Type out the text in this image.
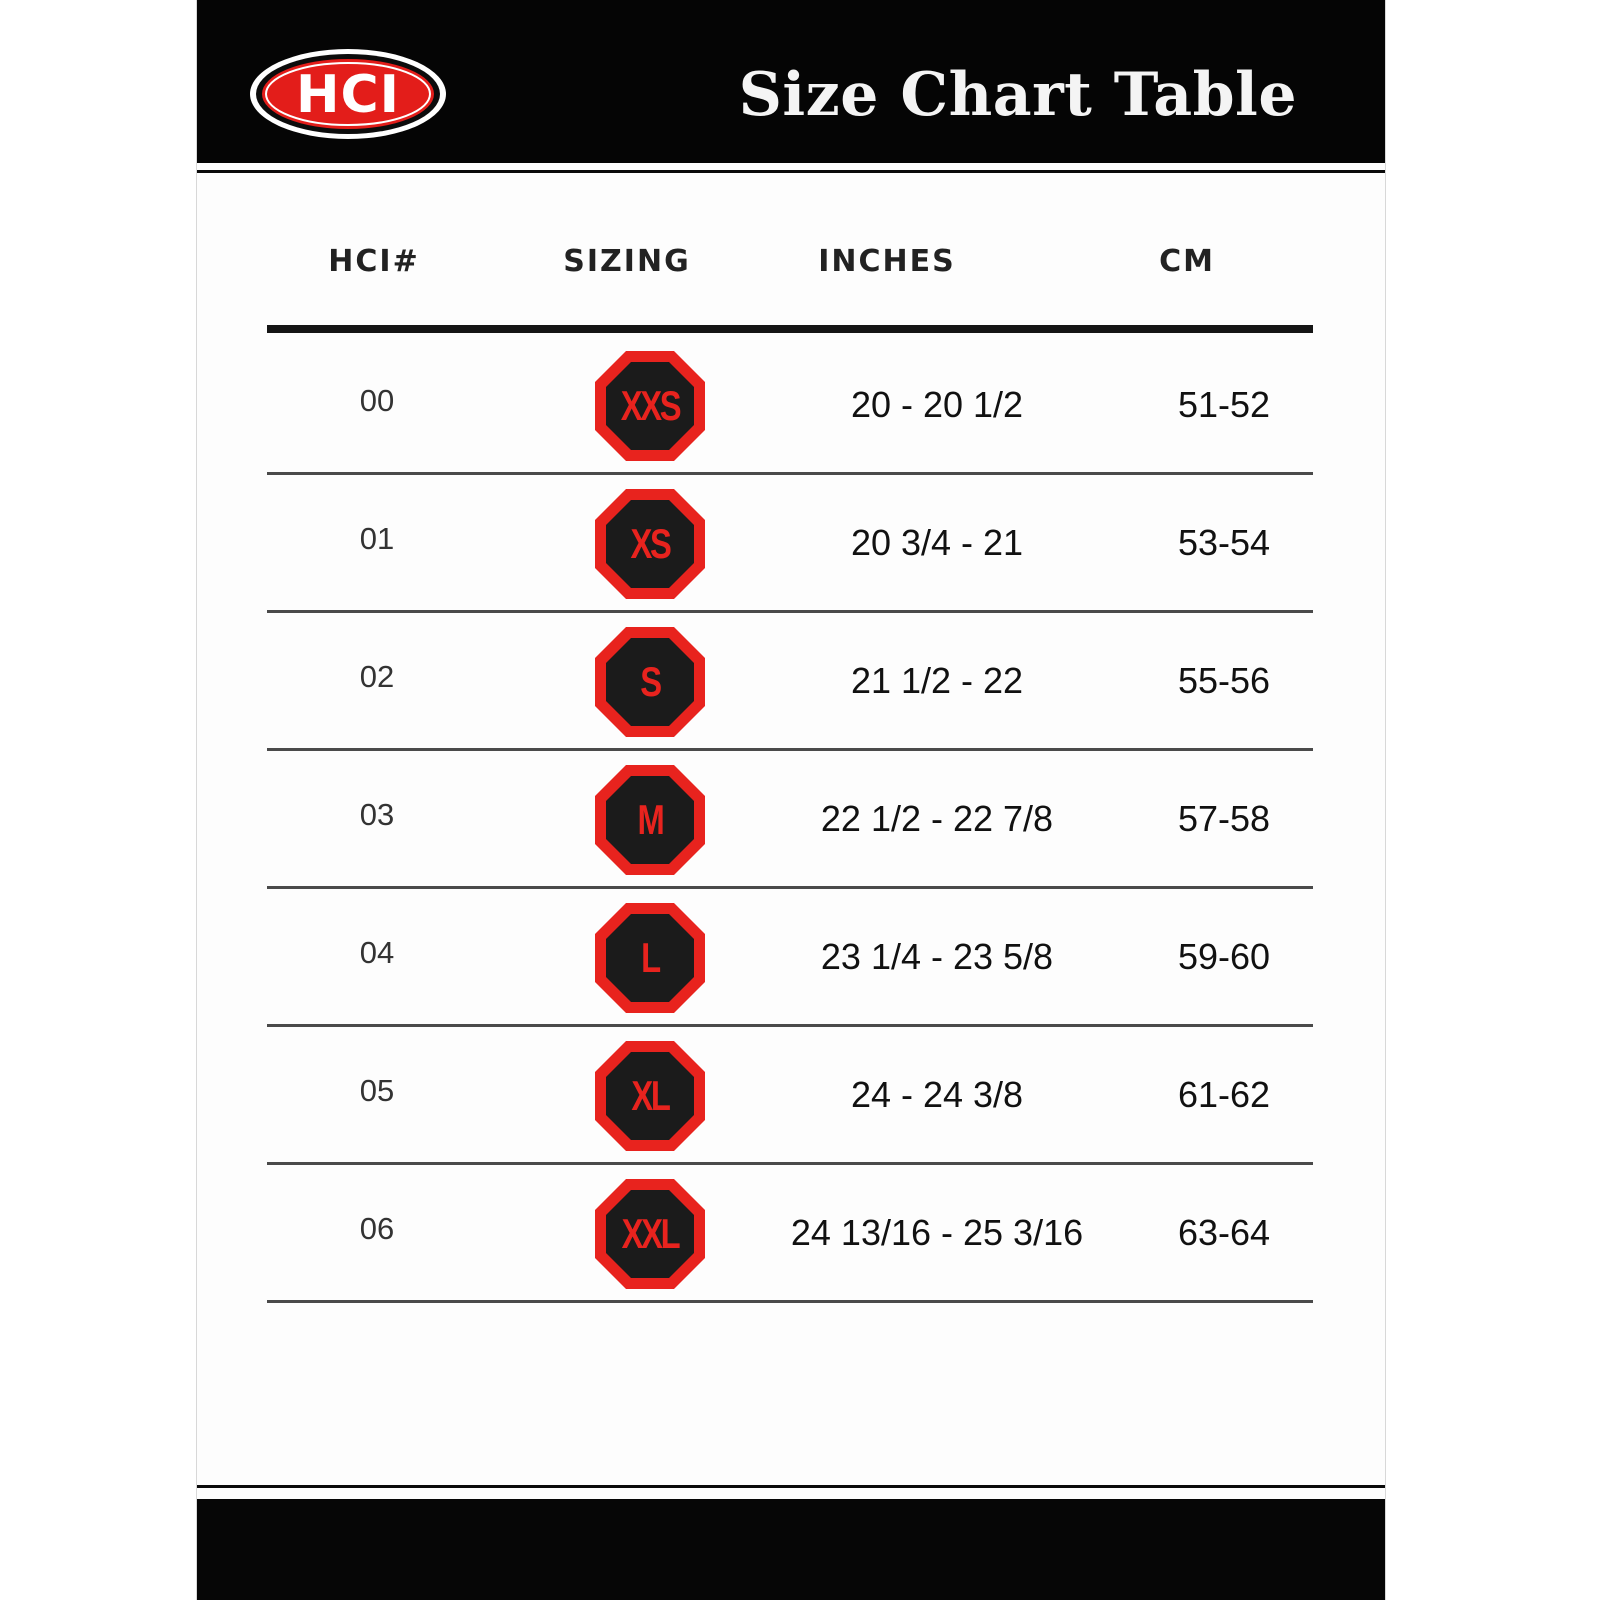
HCI	Size Chart Table

HCI#	SIZING	INCHES	CM

00	XXS	20 - 20 1/2	51-52
01	XS	20 3/4 - 21	53-54
02	S	21 1/2 - 22	55-56
03	M	22 1/2 - 22 7/8	57-58
04	L	23 1/4 - 23 5/8	59-60
05	XL	24 - 24 3/8	61-62
06	XXL	24 13/16 - 25 3/16	63-64
